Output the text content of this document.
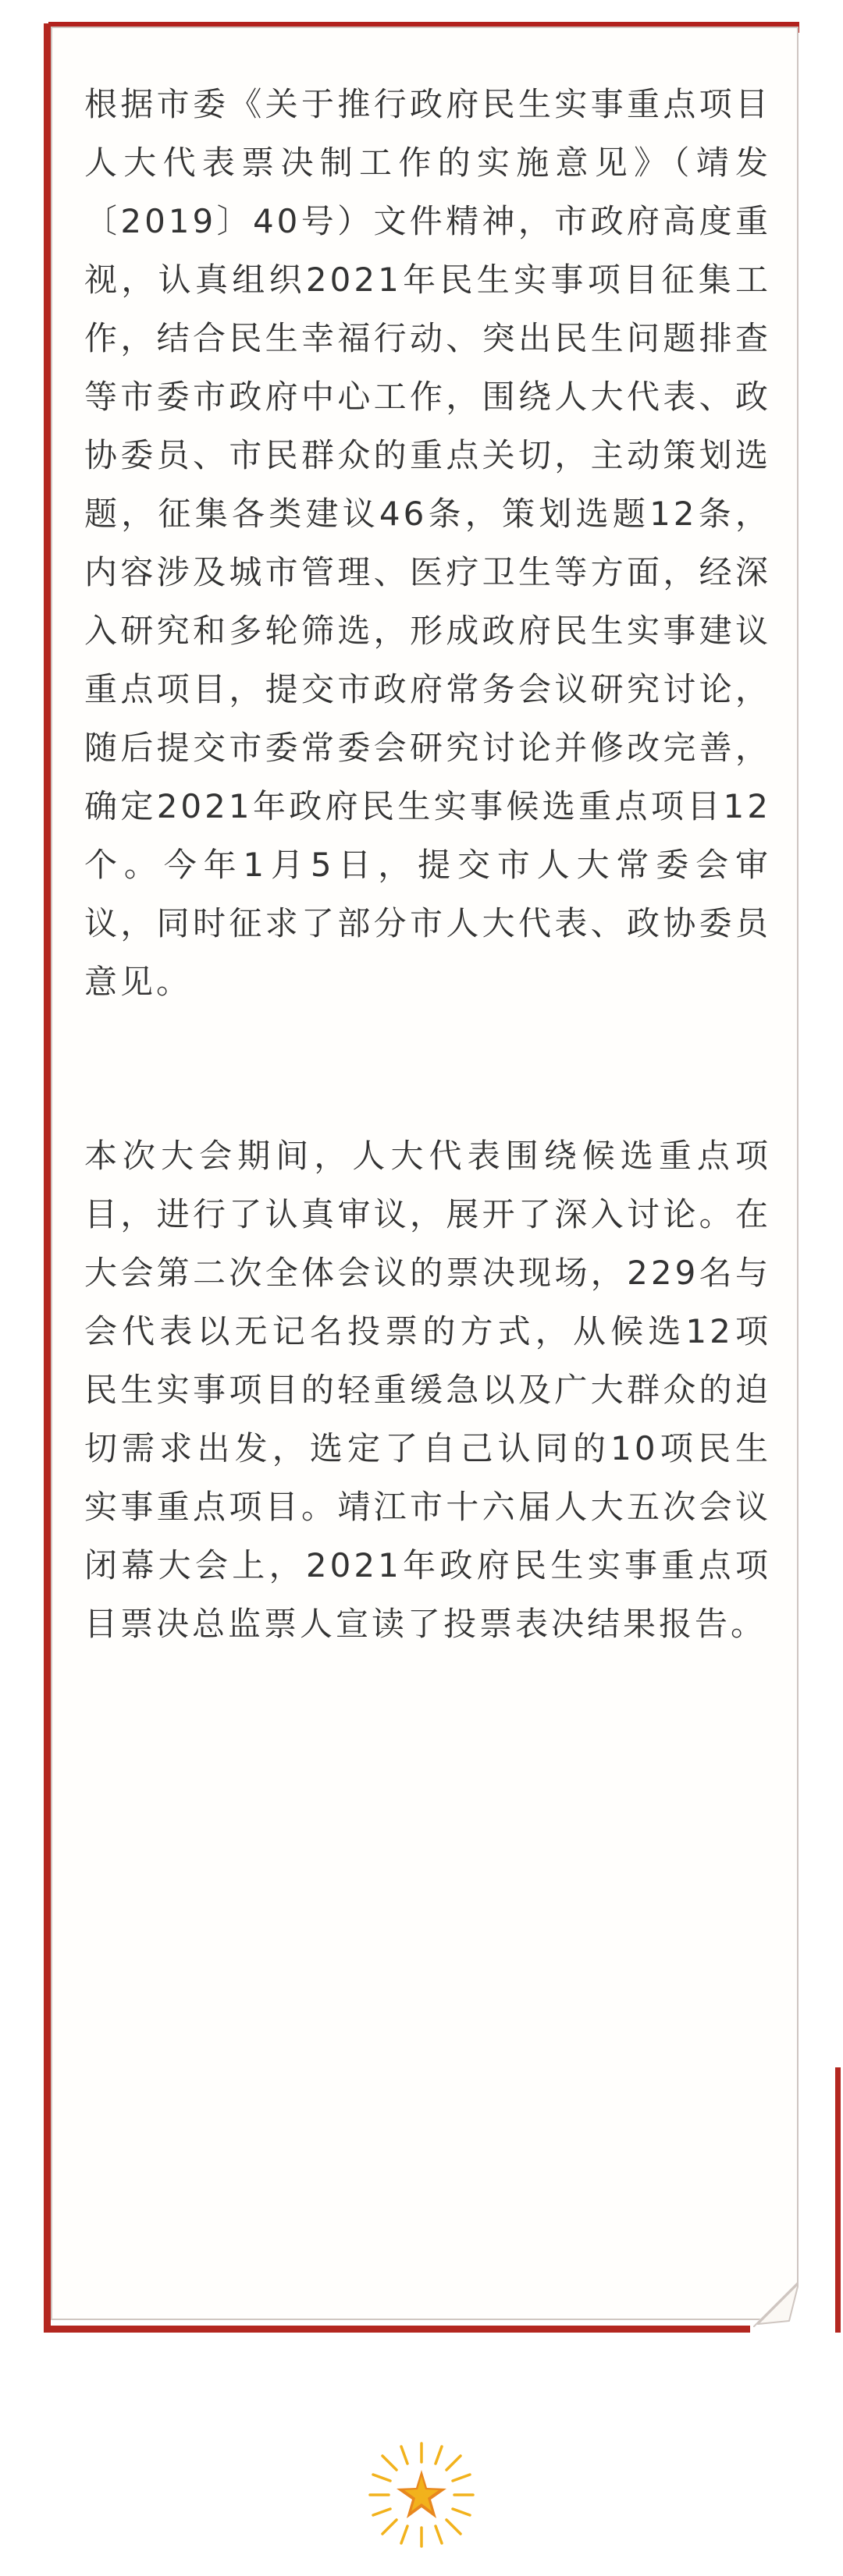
根据市委《关于推行政府民生实事重点项目人大代表票决制工作的实施意见》（靖发〔2019〕40号）文件精神，市政府高度重视，认真组织2021年民生实事项目征集工作，结合民生幸福行动、突出民生问题排查等市委市政府中心工作，围绕人大代表、政协委员、市民群众的重点关切，主动策划选题，征集各类建议46条，策划选题12条，内容涉及城市管理、医疗卫生等方面，经深入研究和多轮筛选，形成政府民生实事建议重点项目，提交市政府常务会议研究讨论，随后提交市委常委会研究讨论并修改完善，确定2021年政府民生实事候选重点项目12个。今年1月5日，提交市人大常委会审议，同时征求了部分市人大代表、政协委员意见。

本次大会期间，人大代表围绕候选重点项目，进行了认真审议，展开了深入讨论。在大会第二次全体会议的票决现场，229名与会代表以无记名投票的方式，从候选12项民生实事项目的轻重缓急以及广大群众的迫切需求出发，选定了自己认同的10项民生实事重点项目。靖江市十六届人大五次会议闭幕大会上，2021年政府民生实事重点项目票决总监票人宣读了投票表决结果报告。
